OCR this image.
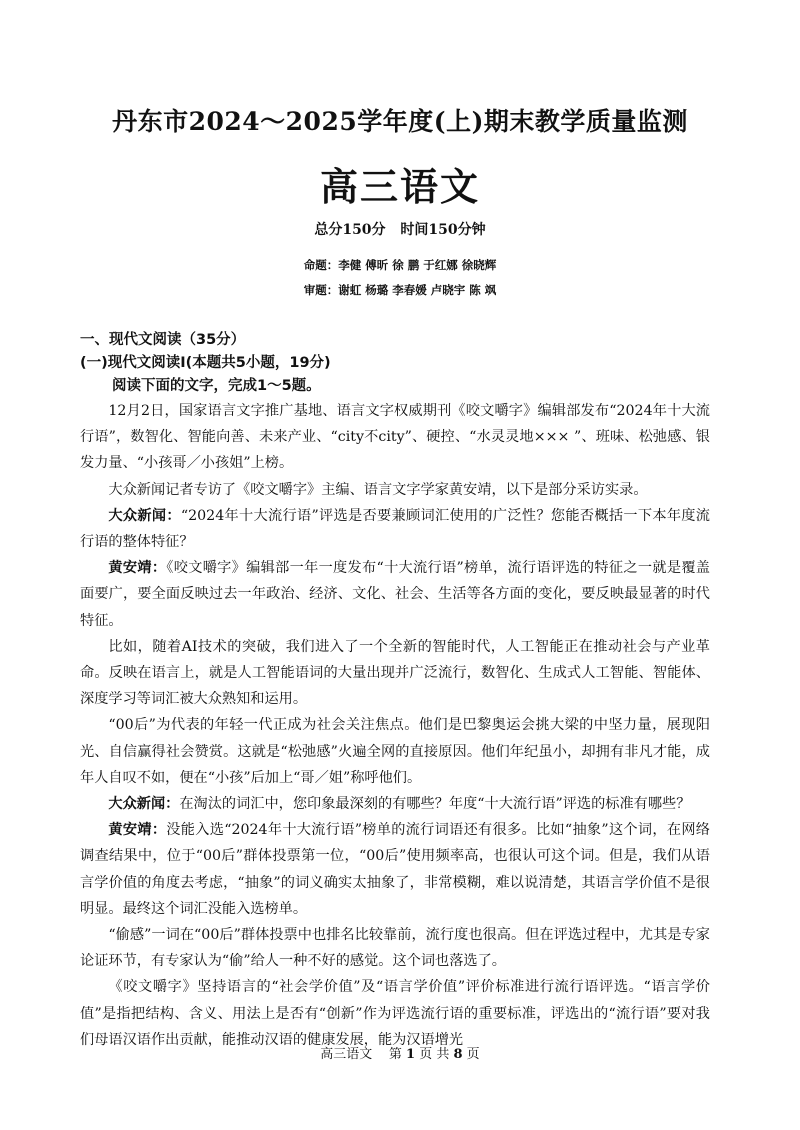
丹东市2024～2025学年度(上)期末教学质量监测
高三语文
总分150分 时间150分钟
命题：李健 傅昕 徐 鹏 于红娜 徐晓辉
审题：谢虹 杨璐 李春媛 卢晓宇 陈 飒
一、现代文阅读（35分）
(一)现代文阅读Ⅰ(本题共5小题，19分)
阅读下面的文字，完成1～5题。

12月2日，国家语言文字推广基地、语言文字权威期刊《咬文嚼字》编辑部发布“2024年十大流行语”，数智化、智能向善、未来产业、“city不city”、硬控、“水灵灵地××× ”、班味、松弛感、银发力量、“小孩哥／小孩姐”上榜。

大众新闻记者专访了《咬文嚼字》主编、语言文字学家黄安靖，以下是部分采访实录。

大众新闻：“2024年十大流行语”评选是否要兼顾词汇使用的广泛性？您能否概括一下本年度流行语的整体特征？

黄安靖：《咬文嚼字》编辑部一年一度发布“十大流行语”榜单，流行语评选的特征之一就是覆盖面要广，要全面反映过去一年政治、经济、文化、社会、生活等各方面的变化，要反映最显著的时代特征。

比如，随着AI技术的突破，我们进入了一个全新的智能时代，人工智能正在推动社会与产业革命。反映在语言上，就是人工智能语词的大量出现并广泛流行，数智化、生成式人工智能、智能体、深度学习等词汇被大众熟知和运用。

“00后”为代表的年轻一代正成为社会关注焦点。他们是巴黎奥运会挑大梁的中坚力量，展现阳光、自信赢得社会赞赏。这就是“松弛感”火遍全网的直接原因。他们年纪虽小，却拥有非凡才能，成年人自叹不如，便在“小孩”后加上“哥／姐”称呼他们。

大众新闻：在淘汰的词汇中，您印象最深刻的有哪些？年度“十大流行语”评选的标准有哪些？

黄安靖：没能入选“2024年十大流行语”榜单的流行词语还有很多。比如“抽象”这个词，在网络调查结果中，位于“00后”群体投票第一位，“00后”使用频率高，也很认可这个词。但是，我们从语言学价值的角度去考虑，“抽象”的词义确实太抽象了，非常模糊，难以说清楚，其语言学价值不是很明显。最终这个词汇没能入选榜单。

“偷感”一词在“00后”群体投票中也排名比较靠前，流行度也很高。但在评选过程中，尤其是专家论证环节，有专家认为“偷”给人一种不好的感觉。这个词也落选了。

《咬文嚼字》坚持语言的“社会学价值”及“语言学价值”评价标准进行流行语评选。“语言学价值”是指把结构、含义、用法上是否有“创新”作为评选流行语的重要标准，评选出的“流行语”要对我们母语汉语作出贡献，能推动汉语的健康发展，能为汉语增光

高三语文 第 1 页 共 8 页
